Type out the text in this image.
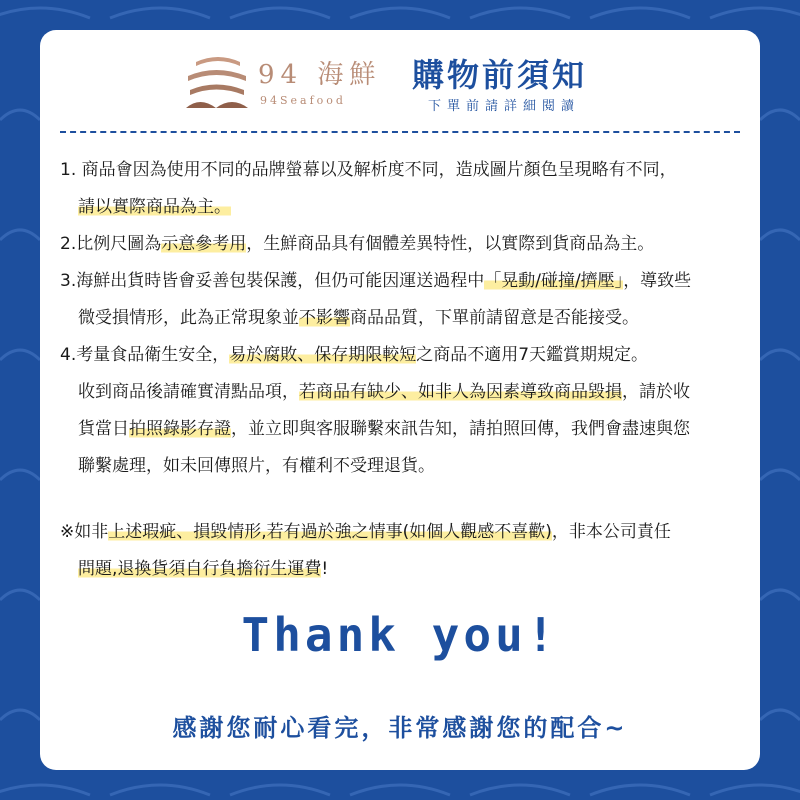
94 海鮮
94Seafood
購物前須知
下單前請詳細閱讀
1. 商品會因為使用不同的品牌螢幕以及解析度不同，造成圖片顏色呈現略有不同，
請以實際商品為主。
2.比例尺圖為示意參考用，生鮮商品具有個體差異特性，以實際到貨商品為主。
3.海鮮出貨時皆會妥善包裝保護，但仍可能因運送過程中「晃動/碰撞/擠壓」，導致些
微受損情形，此為正常現象並不影響商品品質，下單前請留意是否能接受。
4.考量食品衛生安全，易於腐敗、保存期限較短之商品不適用7天鑑賞期規定。
收到商品後請確實清點品項，若商品有缺少、如非人為因素導致商品毀損，請於收
貨當日拍照錄影存證，並立即與客服聯繫來訊告知，請拍照回傳，我們會盡速與您
聯繫處理，如未回傳照片，有權利不受理退貨。
※如非上述瑕疵、損毀情形,若有過於強之情事(如個人觀感不喜歡)，非本公司責任
問題,退換貨須自行負擔衍生運費!
Thank you!
感謝您耐心看完，非常感謝您的配合~
